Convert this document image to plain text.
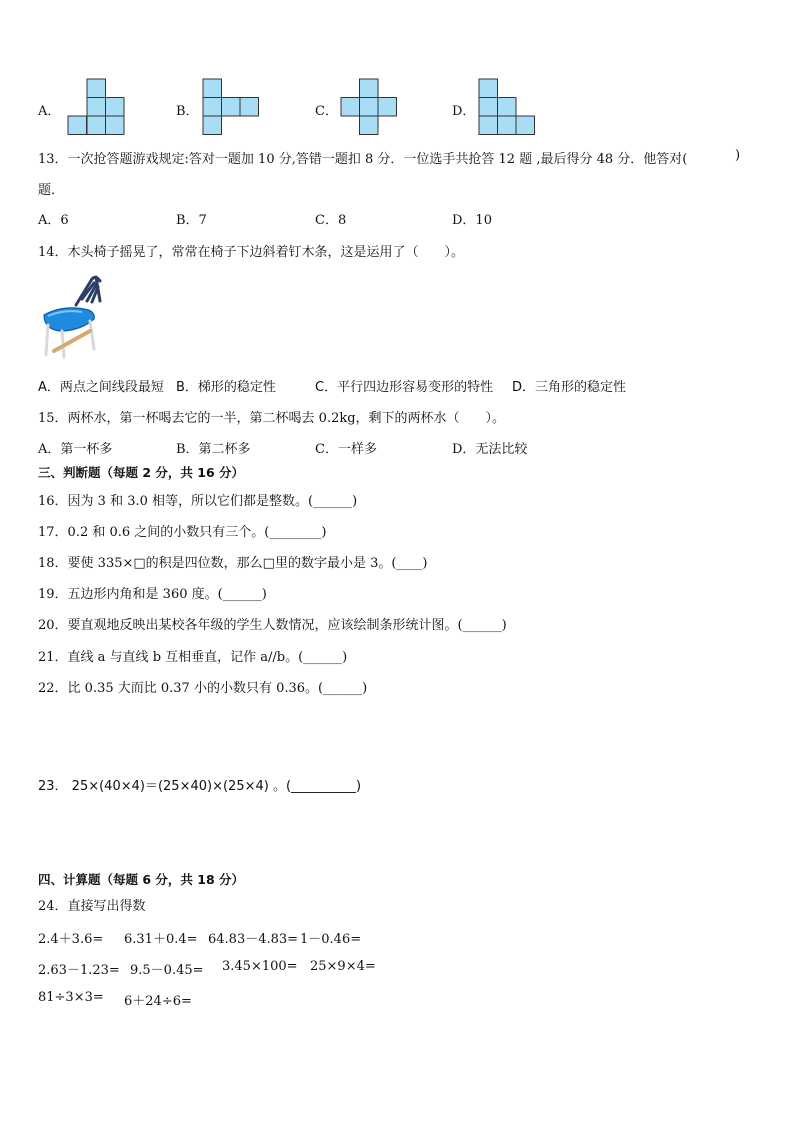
A．	B．	C．	D．
13．一次抢答题游戏规定:答对一题加 10 分,答错一题扣 8 分．一位选手共抢答 12 题 ,最后得分 48 分．他答对(	)
题．
A．6	B．7	C．8	D．10
14．木头椅子摇晃了，常常在椅子下边斜着钉木条，这是运用了（　　）。
A．两点之间线段最短 B．梯形的稳定性	C．平行四边形容易变形的特性 D．三角形的稳定性
15．两杯水，第一杯喝去它的一半，第二杯喝去 0.2kg，剩下的两杯水（　　）。
A．第一杯多	B．第二杯多	C．一样多	D．无法比较
三、判断题（每题 2 分，共 16 分）
16．因为 3 和 3.0 相等，所以它们都是整数。(______)
17．0.2 和 0.6 之间的小数只有三个。(________)
18．要使 335×□的积是四位数，那么□里的数字最小是 3。(____)
19．五边形内角和是 360 度。(______)
20．要直观地反映出某校各年级的学生人数情况，应该绘制条形统计图。(______)
21．直线 a 与直线 b 互相垂直，记作 a//b。(______)
22．比 0.35 大而比 0.37 小的小数只有 0.36。(______)
23． 25×(40×4)＝(25×40)×(25×4) 。(__________)
四、计算题（每题 6 分，共 18 分）
24．直接写出得数
2.4＋3.6= 6.31＋0.4= 64.83－4.83= 1－0.46=
2.63－1.23= 9.5－0.45= 3.45×100= 25×9×4=
81÷3×3= 6＋24÷6=
